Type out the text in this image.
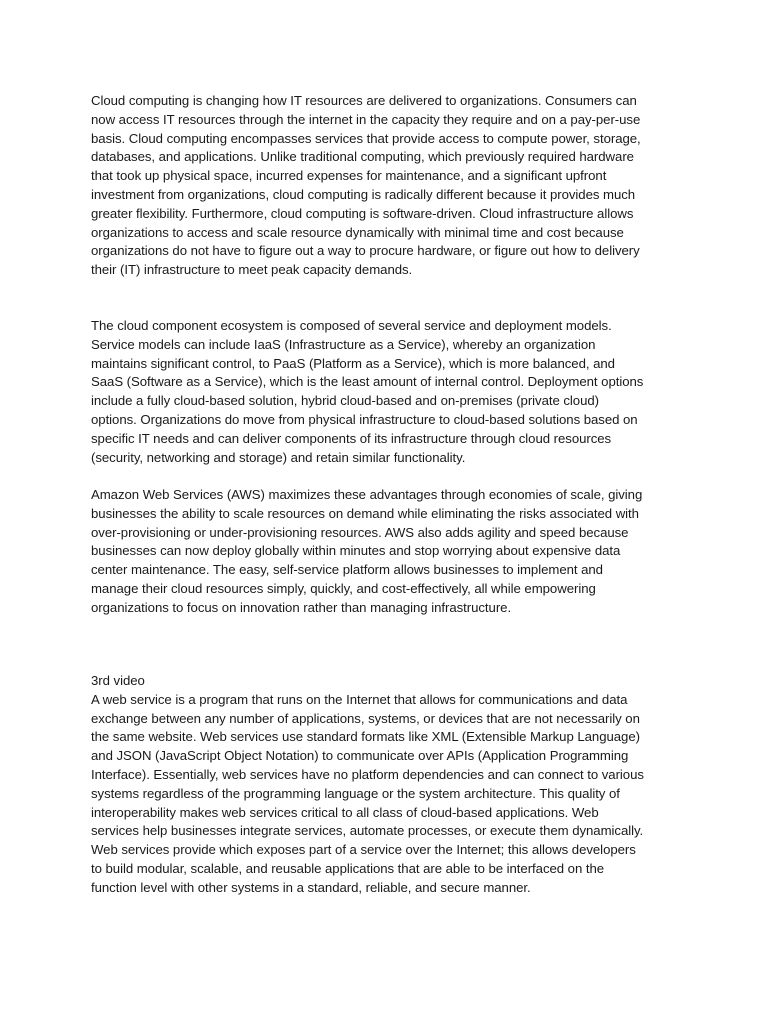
Cloud computing is changing how IT resources are delivered to organizations. Consumers can
now access IT resources through the internet in the capacity they require and on a pay-per-use
basis. Cloud computing encompasses services that provide access to compute power, storage,
databases, and applications. Unlike traditional computing, which previously required hardware
that took up physical space, incurred expenses for maintenance, and a significant upfront
investment from organizations, cloud computing is radically different because it provides much
greater flexibility. Furthermore, cloud computing is software-driven. Cloud infrastructure allows
organizations to access and scale resource dynamically with minimal time and cost because
organizations do not have to figure out a way to procure hardware, or figure out how to delivery
their (IT) infrastructure to meet peak capacity demands.
The cloud component ecosystem is composed of several service and deployment models.
Service models can include IaaS (Infrastructure as a Service), whereby an organization
maintains significant control, to PaaS (Platform as a Service), which is more balanced, and
SaaS (Software as a Service), which is the least amount of internal control. Deployment options
include a fully cloud-based solution, hybrid cloud-based and on-premises (private cloud)
options. Organizations do move from physical infrastructure to cloud-based solutions based on
specific IT needs and can deliver components of its infrastructure through cloud resources
(security, networking and storage) and retain similar functionality.
Amazon Web Services (AWS) maximizes these advantages through economies of scale, giving
businesses the ability to scale resources on demand while eliminating the risks associated with
over-provisioning or under-provisioning resources. AWS also adds agility and speed because
businesses can now deploy globally within minutes and stop worrying about expensive data
center maintenance. The easy, self-service platform allows businesses to implement and
manage their cloud resources simply, quickly, and cost-effectively, all while empowering
organizations to focus on innovation rather than managing infrastructure.
3rd video
A web service is a program that runs on the Internet that allows for communications and data
exchange between any number of applications, systems, or devices that are not necessarily on
the same website. Web services use standard formats like XML (Extensible Markup Language)
and JSON (JavaScript Object Notation) to communicate over APIs (Application Programming
Interface). Essentially, web services have no platform dependencies and can connect to various
systems regardless of the programming language or the system architecture. This quality of
interoperability makes web services critical to all class of cloud-based applications. Web
services help businesses integrate services, automate processes, or execute them dynamically.
Web services provide which exposes part of a service over the Internet; this allows developers
to build modular, scalable, and reusable applications that are able to be interfaced on the
function level with other systems in a standard, reliable, and secure manner.
